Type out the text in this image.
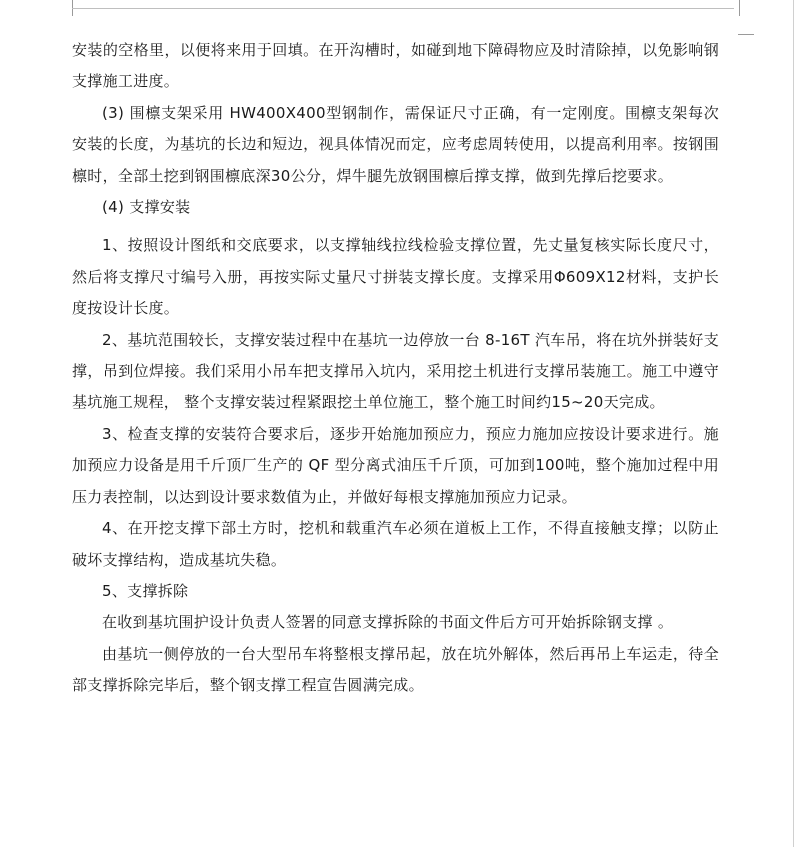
安装的空格里，以便将来用于回填。在开沟槽时，如碰到地下障碍物应及时清除掉，以免影响钢支撑施工进度。

(3) 围檩支架采用 HW400X400型钢制作，需保证尺寸正确，有一定刚度。围檩支架每次安装的长度，为基坑的长边和短边，视具体情况而定，应考虑周转使用，以提高利用率。按钢围檩时，全部土挖到钢围檩底深30公分，焊牛腿先放钢围檩后撑支撑，做到先撑后挖要求。

(4) 支撑安装

1、按照设计图纸和交底要求，以支撑轴线拉线检验支撑位置，先丈量复核实际长度尺寸，然后将支撑尺寸编号入册，再按实际丈量尺寸拼装支撑长度。支撑采用Φ609X12材料，支护长度按设计长度。

2、基坑范围较长，支撑安装过程中在基坑一边停放一台 8-16T 汽车吊，将在坑外拼装好支撑，吊到位焊接。我们采用小吊车把支撑吊入坑内，采用挖土机进行支撑吊装施工。施工中遵守基坑施工规程， 整个支撑安装过程紧跟挖土单位施工，整个施工时间约15~20天完成。

3、检查支撑的安装符合要求后，逐步开始施加预应力，预应力施加应按设计要求进行。施加预应力设备是用千斤顶厂生产的 QF 型分离式油压千斤顶，可加到100吨，整个施加过程中用压力表控制，以达到设计要求数值为止，并做好每根支撑施加预应力记录。

4、在开挖支撑下部土方时，挖机和载重汽车必须在道板上工作，不得直接触支撑；以防止破坏支撑结构，造成基坑失稳。

5、支撑拆除

在收到基坑围护设计负责人签署的同意支撑拆除的书面文件后方可开始拆除钢支撑 。

由基坑一侧停放的一台大型吊车将整根支撑吊起，放在坑外解体，然后再吊上车运走，待全部支撑拆除完毕后，整个钢支撑工程宣告圆满完成。
